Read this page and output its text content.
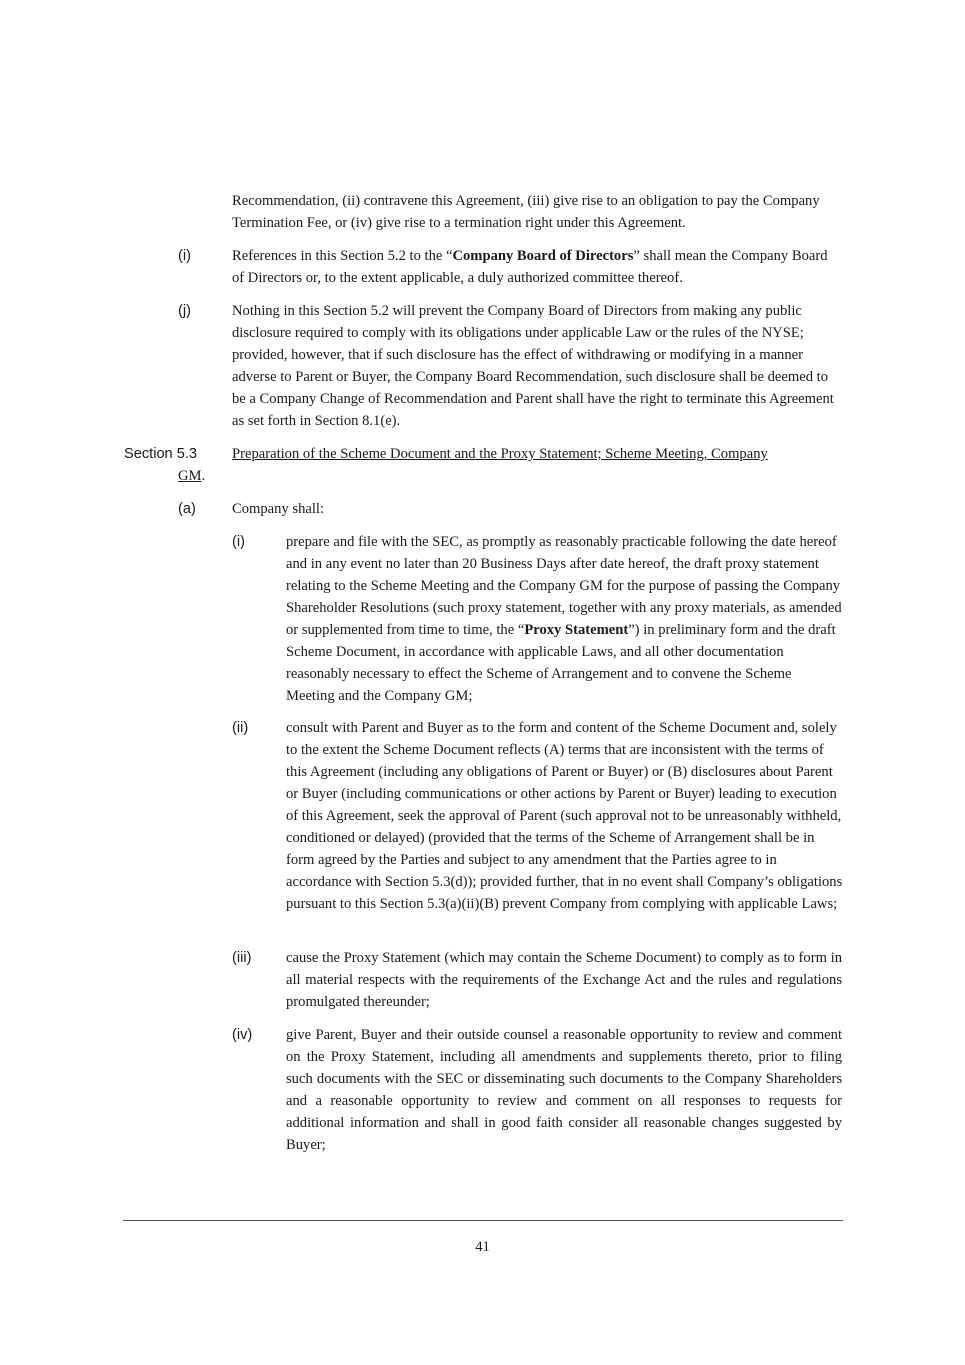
Recommendation, (ii) contravene this Agreement, (iii) give rise to an obligation to pay the Company Termination Fee, or (iv) give rise to a termination right under this Agreement.
(i)	References in this Section 5.2 to the “Company Board of Directors” shall mean the Company Board of Directors or, to the extent applicable, a duly authorized committee thereof.
(j)	Nothing in this Section 5.2 will prevent the Company Board of Directors from making any public disclosure required to comply with its obligations under applicable Law or the rules of the NYSE; provided, however, that if such disclosure has the effect of withdrawing or modifying in a manner adverse to Parent or Buyer, the Company Board Recommendation, such disclosure shall be deemed to be a Company Change of Recommendation and Parent shall have the right to terminate this Agreement as set forth in Section 8.1(e).
Section 5.3 Preparation of the Scheme Document and the Proxy Statement; Scheme Meeting, Company
GM.
(a) Company shall:
(i)	prepare and file with the SEC, as promptly as reasonably practicable following the date hereof and in any event no later than 20 Business Days after date hereof, the draft proxy statement relating to the Scheme Meeting and the Company GM for the purpose of passing the Company Shareholder Resolutions (such proxy statement, together with any proxy materials, as amended or supplemented from time to time, the “Proxy Statement”) in preliminary form and the draft Scheme Document, in accordance with applicable Laws, and all other documentation reasonably necessary to effect the Scheme of Arrangement and to convene the Scheme Meeting and the Company GM;
(ii)	consult with Parent and Buyer as to the form and content of the Scheme Document and, solely to the extent the Scheme Document reflects (A) terms that are inconsistent with the terms of this Agreement (including any obligations of Parent or Buyer) or (B) disclosures about Parent or Buyer (including communications or other actions by Parent or Buyer) leading to execution of this Agreement, seek the approval of Parent (such approval not to be unreasonably withheld, conditioned or delayed) (provided that the terms of the Scheme of Arrangement shall be in form agreed by the Parties and subject to any amendment that the Parties agree to in accordance with Section 5.3(d)); provided further, that in no event shall Company’s obligations pursuant to this Section 5.3(a)(ii)(B) prevent Company from complying with applicable Laws;
(iii) cause the Proxy Statement (which may contain the Scheme Document) to comply as to form in all material respects with the requirements of the Exchange Act and the rules and regulations promulgated thereunder;
(iv) give Parent, Buyer and their outside counsel a reasonable opportunity to review and comment on the Proxy Statement, including all amendments and supplements thereto, prior to filing such documents with the SEC or disseminating such documents to the Company Shareholders and a reasonable opportunity to review and comment on all responses to requests for additional information and shall in good faith consider all reasonable changes suggested by Buyer;
41
